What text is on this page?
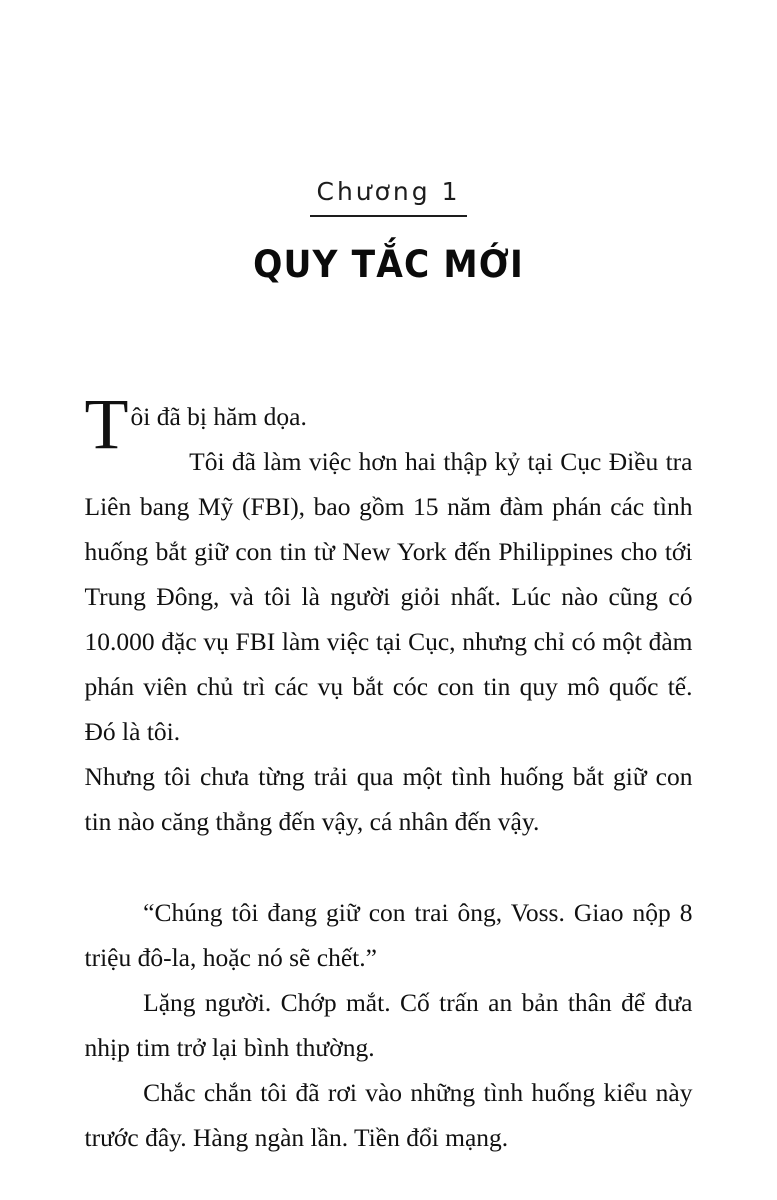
Chương 1
QUY TẮC MỚI

Tôi đã bị hăm dọa.
Tôi đã làm việc hơn hai thập kỷ tại Cục Điều tra Liên bang Mỹ (FBI), bao gồm 15 năm đàm phán các tình huống bắt giữ con tin từ New York đến Philippines cho tới Trung Đông, và tôi là người giỏi nhất. Lúc nào cũng có 10.000 đặc vụ FBI làm việc tại Cục, nhưng chỉ có một đàm phán viên chủ trì các vụ bắt cóc con tin quy mô quốc tế. Đó là tôi.

Nhưng tôi chưa từng trải qua một tình huống bắt giữ con tin nào căng thẳng đến vậy, cá nhân đến vậy.

“Chúng tôi đang giữ con trai ông, Voss. Giao nộp 8 triệu đô-la, hoặc nó sẽ chết.”

Lặng người. Chớp mắt. Cố trấn an bản thân để đưa nhịp tim trở lại bình thường.

Chắc chắn tôi đã rơi vào những tình huống kiểu này trước đây. Hàng ngàn lần. Tiền đổi mạng.
